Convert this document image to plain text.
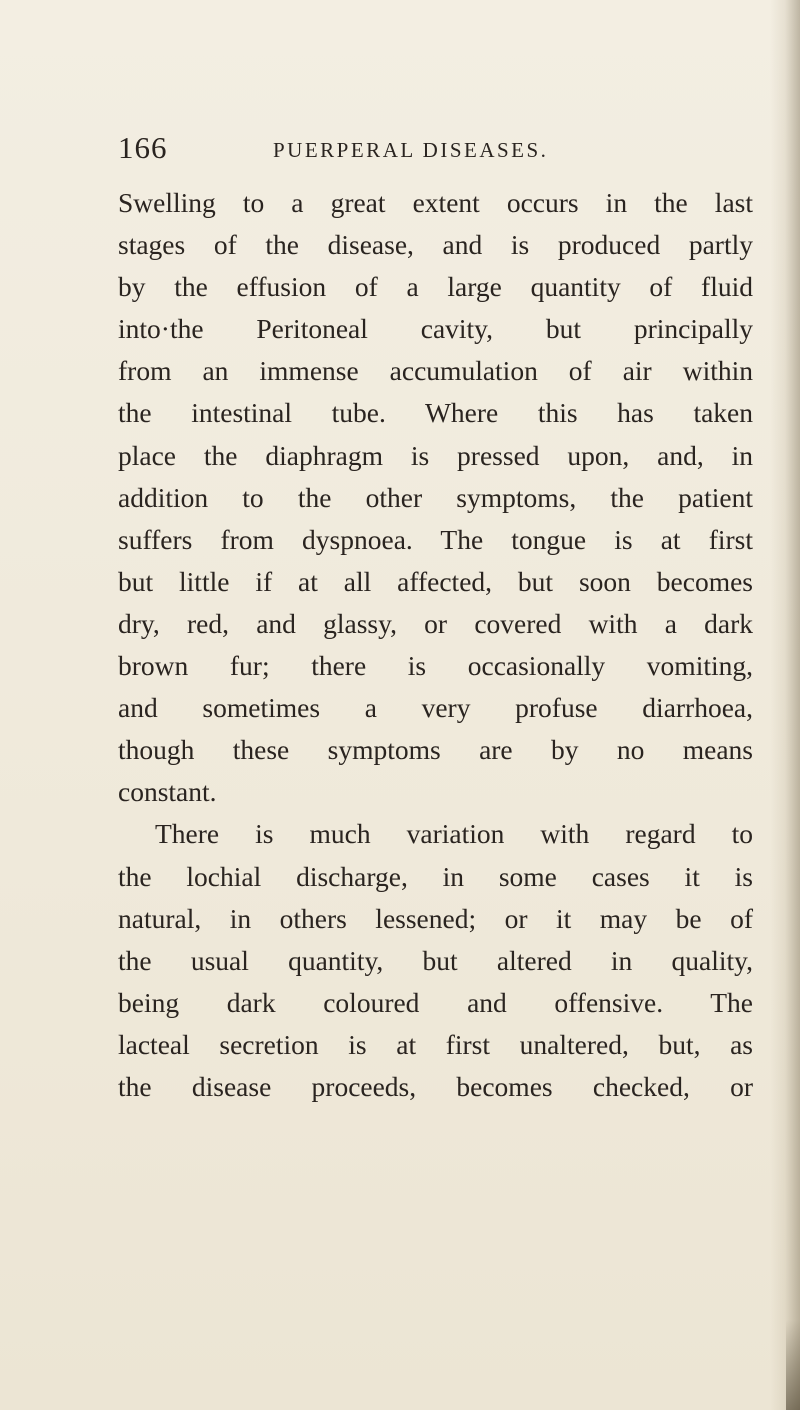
166	PUERPERAL DISEASES.
Swelling to a great extent occurs in the last
stages of the disease, and is produced partly
by the effusion of a large quantity of fluid
into·the Peritoneal cavity, but principally
from an immense accumulation of air within
the intestinal tube. Where this has taken
place the diaphragm is pressed upon, and, in
addition to the other symptoms, the patient
suffers from dyspnoea. The tongue is at first
but little if at all affected, but soon becomes
dry, red, and glassy, or covered with a dark
brown fur; there is occasionally vomiting,
and sometimes a very profuse diarrhoea,
though these symptoms are by no means
constant.
There is much variation with regard to
the lochial discharge, in some cases it is
natural, in others lessened; or it may be of
the usual quantity, but altered in quality,
being dark coloured and offensive. The
lacteal secretion is at first unaltered, but, as
the disease proceeds, becomes checked, or
